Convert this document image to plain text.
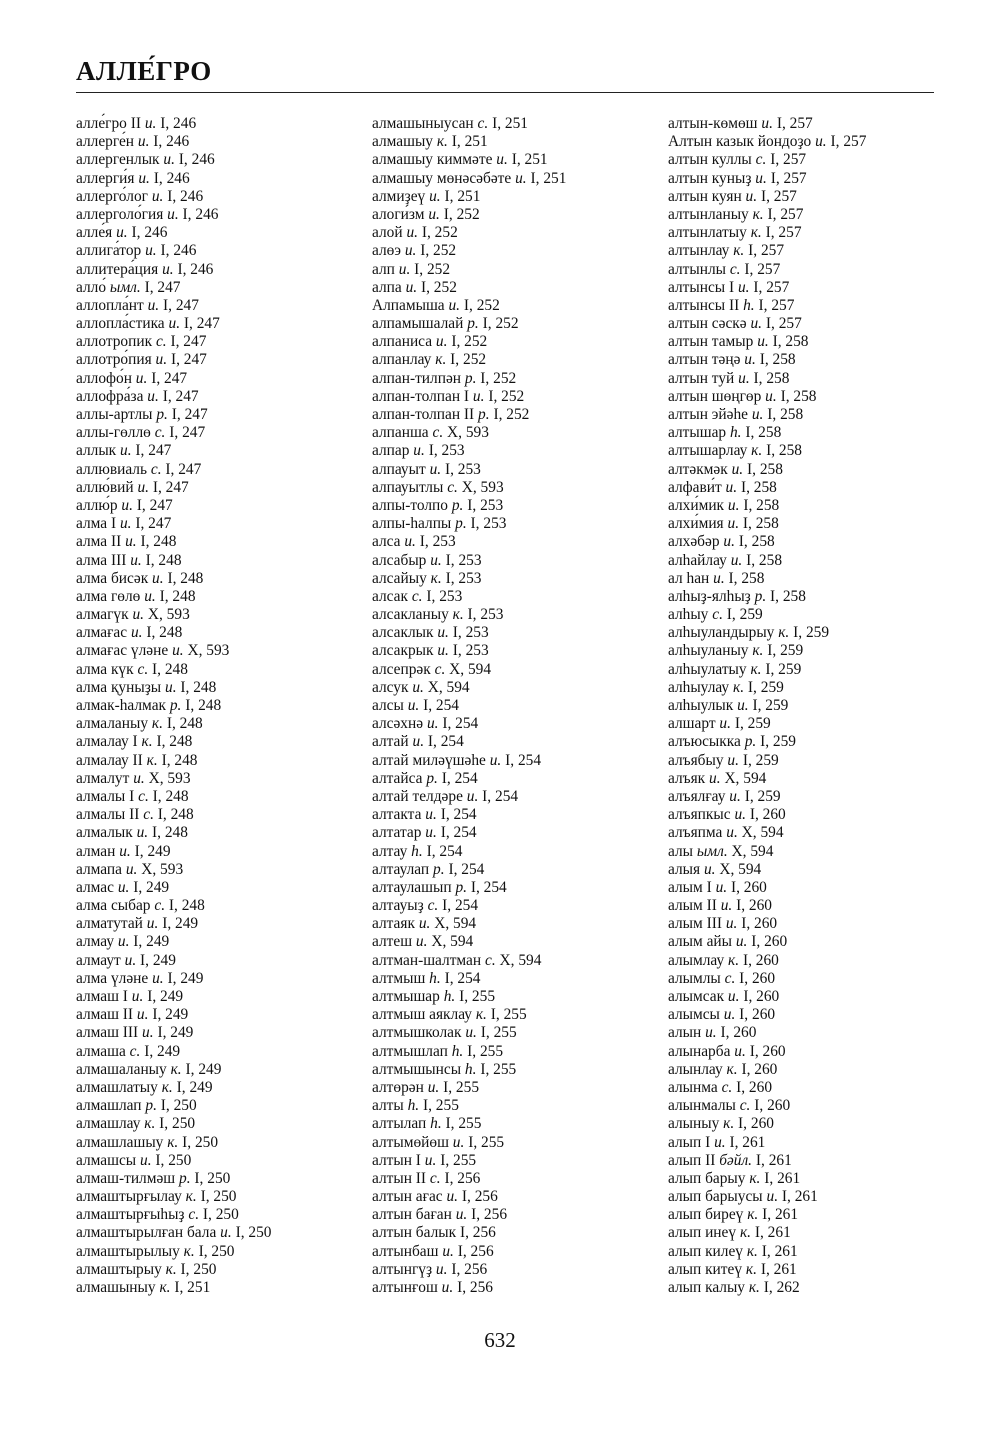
АЛЛЕ́ГРО
алле́гро II и. I, 246
аллерге́н и. I, 246
аллергенлык и. I, 246
аллерги́я и. I, 246
аллерго́лог и. I, 246
аллерголо́гия и. I, 246
алле́я и. I, 246
аллига́тор и. I, 246
аллитера́ция и. I, 246
алло́ ымл. I, 247
аллопла́нт и. I, 247
аллопла́стика и. I, 247
аллотропик с. I, 247
аллотро́пия и. I, 247
аллофо́н и. I, 247
аллофра́за и. I, 247
аллы-артлы р. I, 247
аллы-гөллө с. I, 247
аллык и. I, 247
аллювиаль с. I, 247
аллю́вий и. I, 247
аллю́р и. I, 247
алма I и. I, 247
алма II и. I, 248
алма III и. I, 248
алма бисәк и. I, 248
алма гөлө и. I, 248
алмагүк и. X, 593
алмағас и. I, 248
алмағас үләнe и. X, 593
алма күк с. I, 248
алма қуныҙы и. I, 248
алмак-һалмак р. I, 248
алмаланыу к. I, 248
алмалау I к. I, 248
алмалау II к. I, 248
алмалут и. X, 593
алмалы I с. I, 248
алмалы II с. I, 248
алмалык и. I, 248
алман и. I, 249
алмапа и. X, 593
алмас и. I, 249
алма сыбар с. I, 248
алматутай и. I, 249
алмау и. I, 249
алмаут и. I, 249
алма үләнe и. I, 249
алмаш I и. I, 249
алмаш II и. I, 249
алмаш III и. I, 249
алмаша с. I, 249
алмашаланыу к. I, 249
алмашлатыу к. I, 249
алмашлап р. I, 250
алмашлау к. I, 250
алмашлашыу к. I, 250
алмашсы и. I, 250
алмаш-тилмәш р. I, 250
алмаштырғылау к. I, 250
алмаштырғыһыҙ с. I, 250
алмаштырылған бала и. I, 250
алмаштырылыу к. I, 250
алмаштырыу к. I, 250
алмашыныу к. I, 251
алмашыныусан с. I, 251
алмашыу к. I, 251
алмашыу киммәте и. I, 251
алмашыу мөнәсәбәте и. I, 251
алмиҙеү и. I, 251
алоги́зм и. I, 252
алой и. I, 252
алөэ и. I, 252
алп и. I, 252
алпа и. I, 252
Алпамыша и. I, 252
алпамышалай р. I, 252
алпаниса и. I, 252
алпанлау к. I, 252
алпан-тилпән р. I, 252
алпан-толпан I и. I, 252
алпан-толпан II р. I, 252
алпанша с. X, 593
алпар и. I, 253
алпауыт и. I, 253
алпауытлы с. X, 593
алпы-толпо р. I, 253
алпы-һалпы р. I, 253
алса и. I, 253
алсабыр и. I, 253
алсайыу к. I, 253
алсак с. I, 253
алсакланыу к. I, 253
алсаклык и. I, 253
алсакрык и. I, 253
алсепрәк с. X, 594
алсук и. X, 594
алсы и. I, 254
алсәхнә и. I, 254
алтай и. I, 254
алтай миләүшәһе и. I, 254
алтайса р. I, 254
алтай телдәре и. I, 254
алтакта и. I, 254
алтатар и. I, 254
алтау һ. I, 254
алтаулап р. I, 254
алтаулашып р. I, 254
алтауыҙ с. I, 254
алтаяк и. X, 594
алтеш и. X, 594
алтман-шалтман с. X, 594
алтмыш һ. I, 254
алтмышар һ. I, 255
алтмыш аяклау к. I, 255
алтмышколак и. I, 255
алтмышлап һ. I, 255
алтмышынсы һ. I, 255
алтөрән и. I, 255
алты һ. I, 255
алтылап һ. I, 255
алтымөйөш и. I, 255
алтын I и. I, 255
алтын II с. I, 256
алтын ағас и. I, 256
алтын баған и. I, 256
алтын балык I, 256
алтынбаш и. I, 256
алтынгүҙ и. I, 256
алтынғош и. I, 256
алтын-көмөш и. I, 257
Алтын казык йондоҙо и. I, 257
алтын куллы с. I, 257
алтын куныҙ и. I, 257
алтын куян и. I, 257
алтынланыу к. I, 257
алтынлатыу к. I, 257
алтынлау к. I, 257
алтынлы с. I, 257
алтынсы I и. I, 257
алтынсы II һ. I, 257
алтын сәскә и. I, 257
алтын тамыр и. I, 258
алтын тәңә и. I, 258
алтын туй и. I, 258
алтын шөңгөр и. I, 258
алтын эйәһе и. I, 258
алтышар һ. I, 258
алтышарлау к. I, 258
алтәкмәк и. I, 258
алфави́т и. I, 258
алхи́мик и. I, 258
алхи́мия и. I, 258
алхәбәр и. I, 258
алһайлау и. I, 258
ал һан и. I, 258
алһыҙ-ялһыҙ р. I, 258
алһыу с. I, 259
алһыуландырыу к. I, 259
алһыуланыу к. I, 259
алһыулатыу к. I, 259
алһыулау к. I, 259
алһыулык и. I, 259
алшарт и. I, 259
алъюсыкка р. I, 259
алъябыу и. I, 259
алъяк и. X, 594
алъялғау и. I, 259
алъяпкыс и. I, 260
алъяпма и. X, 594
алы ымл. X, 594
алыя и. X, 594
алым I и. I, 260
алым II и. I, 260
алым III и. I, 260
алым айы и. I, 260
алымлау к. I, 260
алымлы с. I, 260
алымсак и. I, 260
алымсы и. I, 260
алын и. I, 260
алынарба и. I, 260
алынлау к. I, 260
алынма с. I, 260
алынмалы с. I, 260
алыныу к. I, 260
алып I и. I, 261
алып II бәйл. I, 261
алып барыу к. I, 261
алып барыусы и. I, 261
алып биреү к. I, 261
алып инеү к. I, 261
алып килеү к. I, 261
алып китеү к. I, 261
алып калыу к. I, 262
632
